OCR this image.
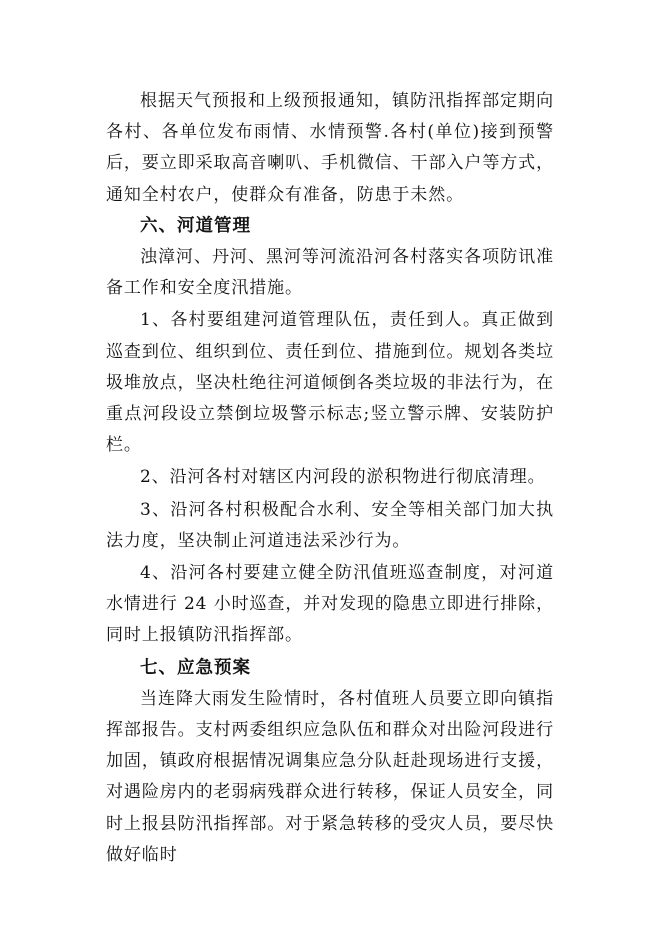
根据天气预报和上级预报通知，镇防汛指挥部定期向各村、各单位发布雨情、水情预警.各村(单位)接到预警后，要立即采取高音喇叭、手机微信、干部入户等方式， 通知全村农户，使群众有准备，防患于未然。

六、河道管理

浊漳河、丹河、黑河等河流沿河各村落实各项防讯准备工作和安全度汛措施。

1、各村要组建河道管理队伍，责任到人。真正做到巡查到位、组织到位、责任到位、措施到位。规划各类垃圾堆放点，坚决杜绝往河道倾倒各类垃圾的非法行为，在重点河段设立禁倒垃圾警示标志;竖立警示牌、安装防护栏。

2、沿河各村对辖区内河段的淤积物进行彻底清理。

3、沿河各村积极配合水利、安全等相关部门加大执法力度，坚决制止河道违法采沙行为。

4、沿河各村要建立健全防汛值班巡查制度，对河道水情进行 24 小时巡查，并对发现的隐患立即进行排除，同时上报镇防汛指挥部。

七、应急预案

当连降大雨发生险情时，各村值班人员要立即向镇指挥部报告。支村两委组织应急队伍和群众对出险河段进行加固，镇政府根据情况调集应急分队赶赴现场进行支援，对遇险房内的老弱病残群众进行转移，保证人员安全，同时上报县防汛指挥部。对于紧急转移的受灾人员，要尽快做好临时
